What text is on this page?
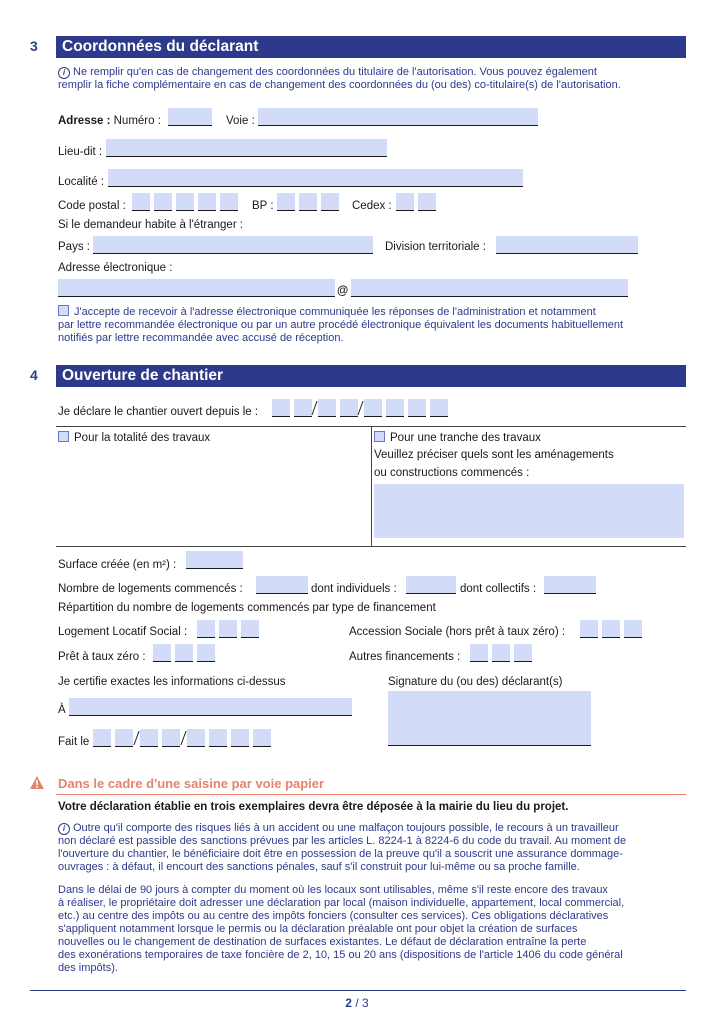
3	Coordonnées du déclarant
i Ne remplir qu'en cas de changement des coordonnées du titulaire de l'autorisation. Vous pouvez également
remplir la fiche complémentaire en cas de changement des coordonnées du (ou des) co-titulaire(s) de l'autorisation.
Adresse : Numéro :	Voie :
Lieu-dit :
Localité :
Code postal :	BP :	Cedex :
Si le demandeur habite à l'étranger :
Pays :	Division territoriale :
Adresse électronique :
@
J'accepte de recevoir à l'adresse électronique communiquée les réponses de l'administration et notamment
par lettre recommandée électronique ou par un autre procédé électronique équivalent les documents habituellement
notifiés par lettre recommandée avec accusé de réception.
4	Ouverture de chantier
Je déclare le chantier ouvert depuis le :
Pour la totalité des travaux	Pour une tranche des travaux
Veuillez préciser quels sont les aménagements
ou constructions commencés :
Surface créée (en m²) :
Nombre de logements commencés :	dont individuels :	dont collectifs :
Répartition du nombre de logements commencés par type de financement
Logement Locatif Social :	Accession Sociale (hors prêt à taux zéro) :
Prêt à taux zéro :	Autres financements :
Je certifie exactes les informations ci-dessus	Signature du (ou des) déclarant(s)
À
Fait le
Dans le cadre d'une saisine par voie papier
Votre déclaration établie en trois exemplaires devra être déposée à la mairie du lieu du projet.
i Outre qu'il comporte des risques liés à un accident ou une malfaçon toujours possible, le recours à un travailleur
non déclaré est passible des sanctions prévues par les articles L. 8224-1 à 8224-6 du code du travail. Au moment de
l'ouverture du chantier, le bénéficiaire doit être en possession de la preuve qu'il a souscrit une assurance dommage-
ouvrages : à défaut, il encourt des sanctions pénales, sauf s'il construit pour lui-même ou sa proche famille.
Dans le délai de 90 jours à compter du moment où les locaux sont utilisables, même s'il reste encore des travaux
à réaliser, le propriétaire doit adresser une déclaration par local (maison individuelle, appartement, local commercial,
etc.) au centre des impôts ou au centre des impôts fonciers (consulter ces services). Ces obligations déclaratives
s'appliquent notamment lorsque le permis ou la déclaration préalable ont pour objet la création de surfaces
nouvelles ou le changement de destination de surfaces existantes. Le défaut de déclaration entraîne la perte
des exonérations temporaires de taxe foncière de 2, 10, 15 ou 20 ans (dispositions de l'article 1406 du code général
des impôts).
2 / 3
